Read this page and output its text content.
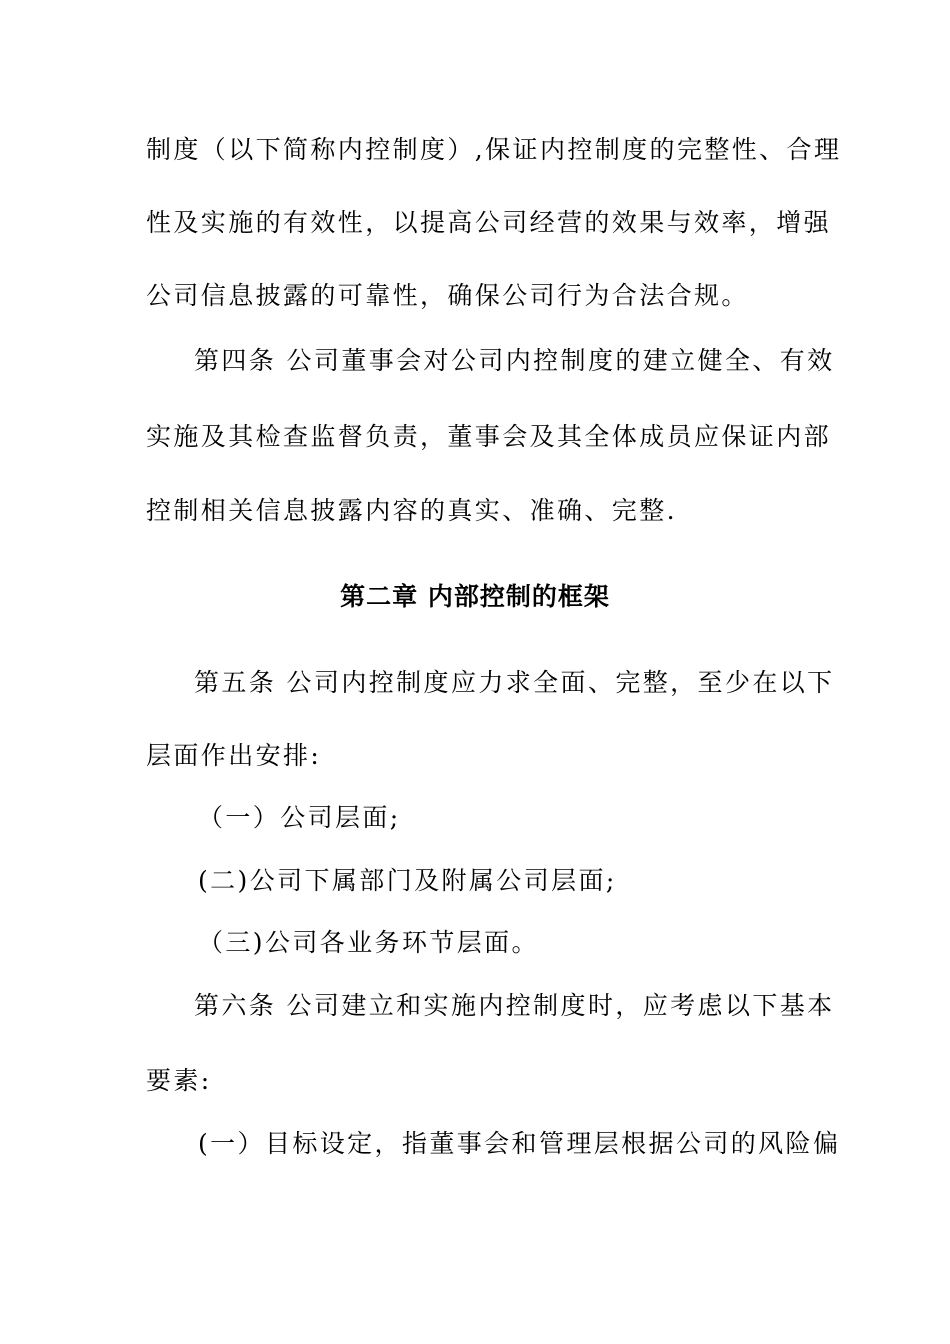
制度（以下简称内控制度）,保证内控制度的完整性、合理
性及实施的有效性，以提高公司经营的效果与效率，增强
公司信息披露的可靠性，确保公司行为合法合规。
第四条 公司董事会对公司内控制度的建立健全、有效
实施及其检查监督负责，董事会及其全体成员应保证内部
控制相关信息披露内容的真实、准确、完整.
第二章 内部控制的框架
第五条 公司内控制度应力求全面、完整，至少在以下
层面作出安排:
（一）公司层面;
(二)公司下属部门及附属公司层面;
（三)公司各业务环节层面。
第六条 公司建立和实施内控制度时，应考虑以下基本
要素:
(一）目标设定，指董事会和管理层根据公司的风险偏
